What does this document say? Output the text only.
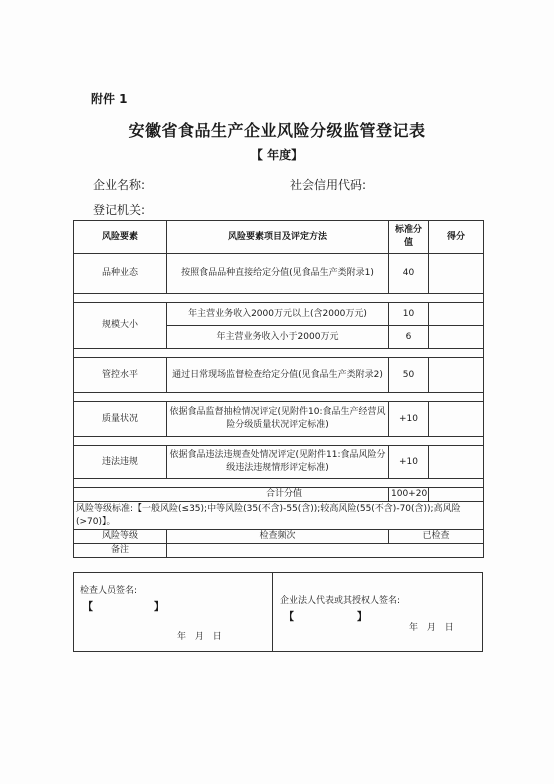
附件 1
安徽省食品生产企业风险分级监管登记表
【 年度】
企业名称:	社会信用代码:
登记机关:
风险要素	风险要素项目及评定方法	标准分值	得分
品种业态	按照食品品种直接给定分值(见食品生产类附录1)	40	

规模大小	年主营业务收入2000万元以上(含2000万元)	10	
	年主营业务收入小于2000万元	6	

管控水平	通过日常现场监督检查给定分值(见食品生产类附录2)	50	

质量状况	依据食品监督抽检情况评定(见附件10:食品生产经营风险分级质量状况评定标准)	+10	

违法违规	依据食品违法违规查处情况评定(见附件11:食品风险分级违法违规情形评定标准)	+10	

合计分值		100+20	
风险等级标准:【一般风险(≤35);中等风险(35(不含)-55(含));较高风险(55(不含)-70(含));高风险(>70)】。			
风险等级	检查频次	已检查	
备注			
检查人员签名:
【	】
年 月 日
企业法人代表或其授权人签名:
【	】
年 月 日
